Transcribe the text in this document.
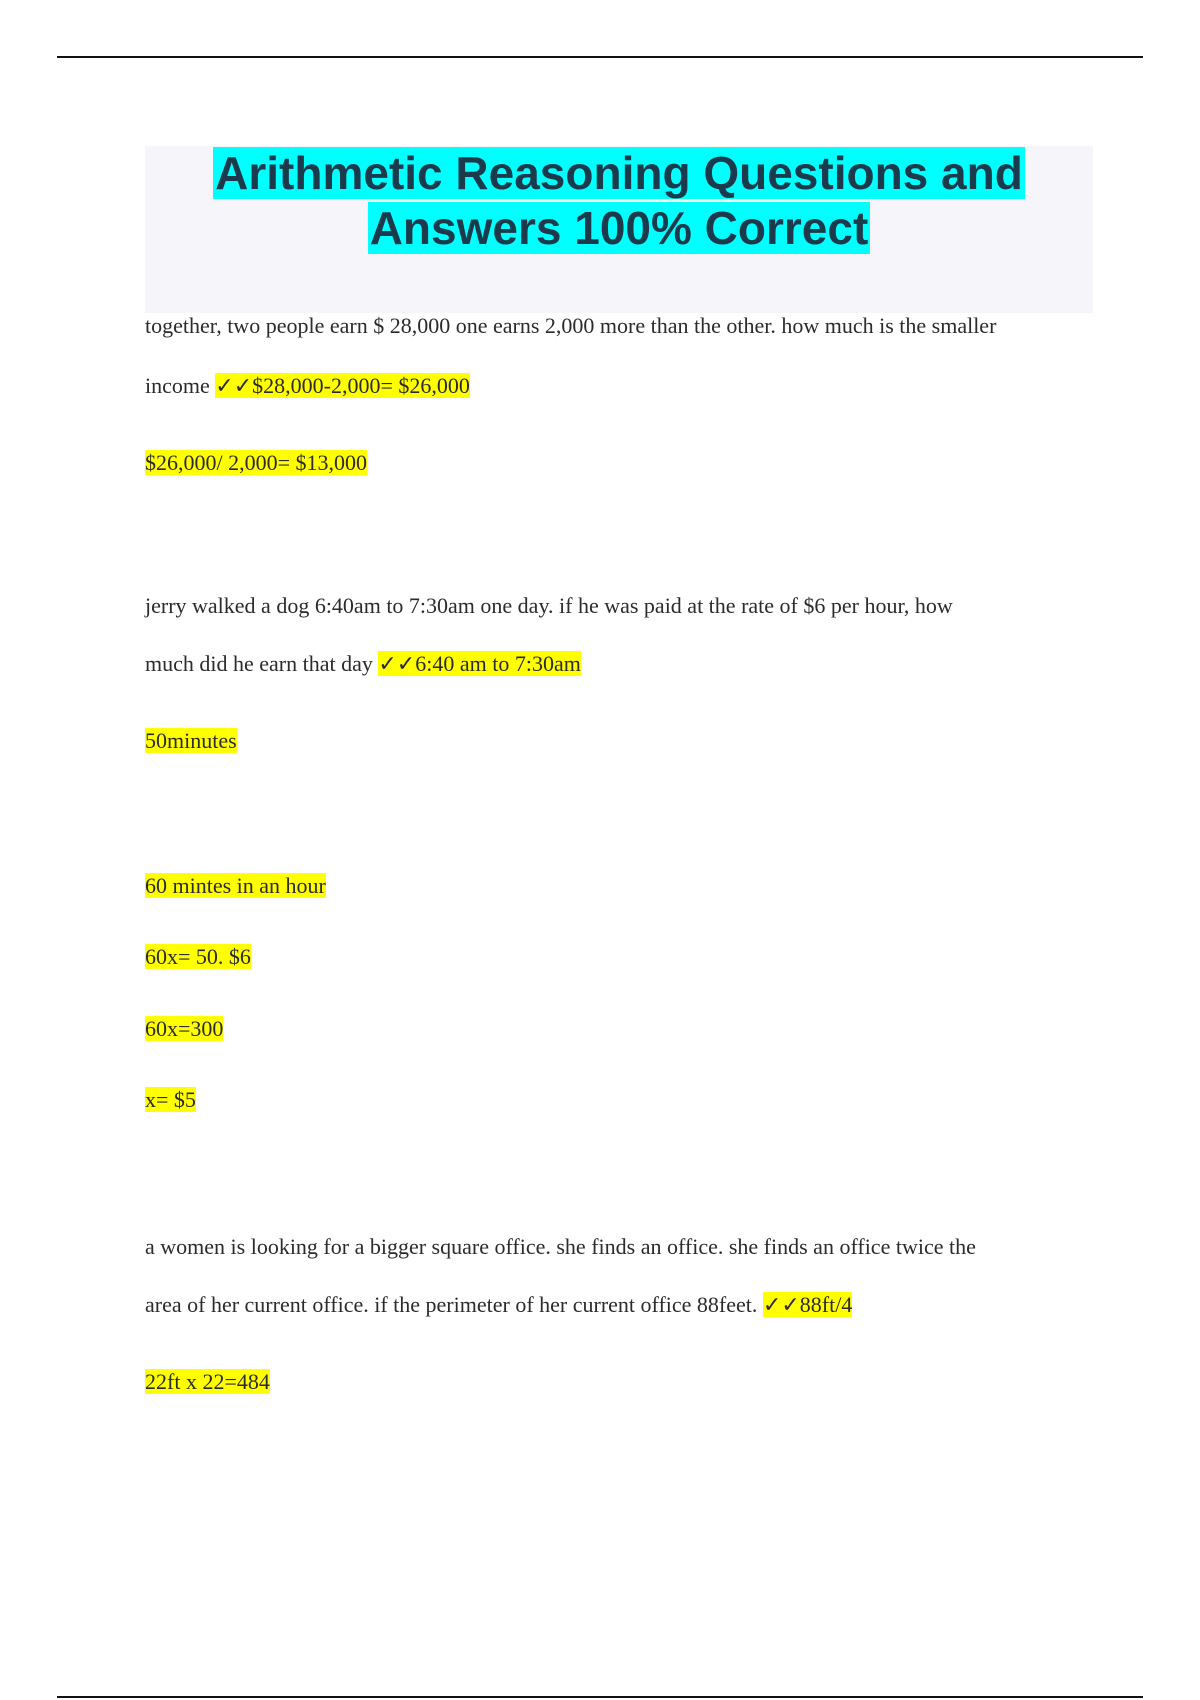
Arithmetic Reasoning Questions and
Answers 100% Correct
together, two people earn $ 28,000 one earns 2,000 more than the other. how much is the smaller
income ✓✓$28,000-2,000= $26,000
$26,000/ 2,000= $13,000
jerry walked a dog 6:40am to 7:30am one day. if he was paid at the rate of $6 per hour, how
much did he earn that day ✓✓6:40 am to 7:30am
50minutes
60 mintes in an hour
60x= 50. $6
60x=300
x= $5
a women is looking for a bigger square office. she finds an office. she finds an office twice the
area of her current office. if the perimeter of her current office 88feet. ✓✓88ft/4
22ft x 22=484
